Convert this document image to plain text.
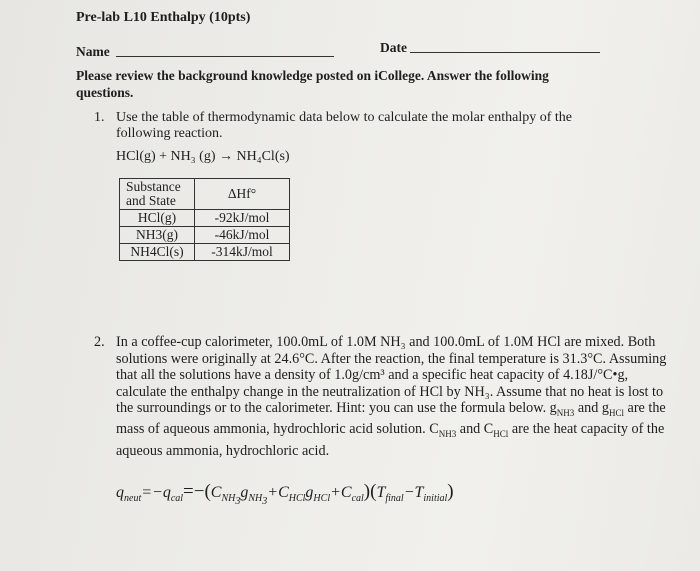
Pre-lab L10 Enthalpy (10pts)
Name	Date
Please review the background knowledge posted on iCollege. Answer the following questions.
1. Use the table of thermodynamic data below to calculate the molar enthalpy of the following reaction.
HCl(g) + NH₃ (g) → NH₄Cl(s)
Substance and State	ΔHf°
HCl(g)	-92kJ/mol
NH3(g)	-46kJ/mol
NH4Cl(s)	-314kJ/mol
2. In a coffee-cup calorimeter, 100.0mL of 1.0M NH₃ and 100.0mL of 1.0M HCl are mixed. Both solutions were originally at 24.6°C. After the reaction, the final temperature is 31.3°C. Assuming that all the solutions have a density of 1.0g/cm³ and a specific heat capacity of 4.18J/°C•g, calculate the enthalpy change in the neutralization of HCl by NH₃. Assume that no heat is lost to the surroundings or to the calorimeter. Hint: you can use the formula below. $g_{NH3}$ and $g_{HCl}$ are the mass of aqueous ammonia, hydrochloric acid solution. $C_{NH3}$ and $C_{HCl}$ are the heat capacity of the aqueous ammonia, hydrochloric acid.
$q_{neut}=-q_{cal}=-(C_{NH_3}g_{NH_3}+C_{HCl}g_{HCl}+C_{cal})(T_{final}-T_{initial})$
